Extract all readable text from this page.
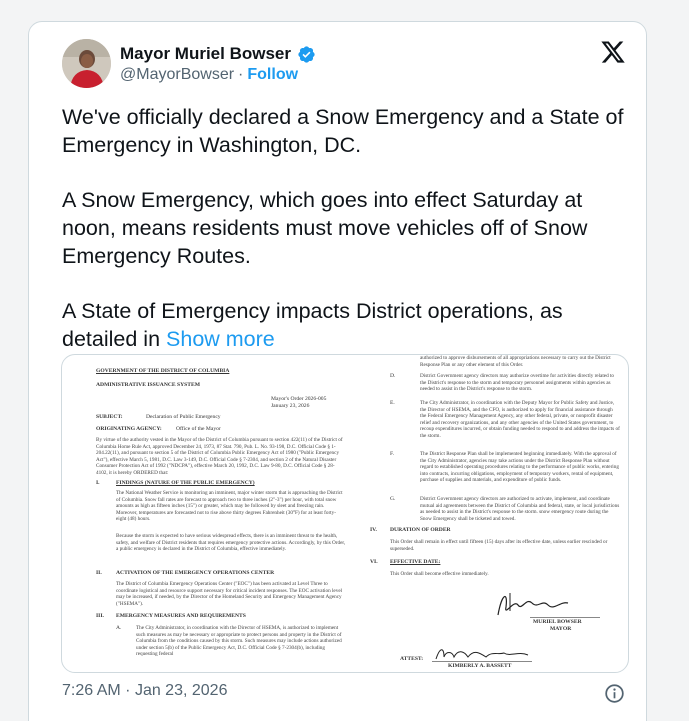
Mayor Muriel Bowser
@MayorBowser · Follow

We've officially declared a Snow Emergency and a State of Emergency in Washington, DC.

A Snow Emergency, which goes into effect Saturday at noon, means residents must move vehicles off of Snow Emergency Routes.

A State of Emergency impacts District operations, as detailed in Show more

GOVERNMENT OF THE DISTRICT OF COLUMBIA
ADMINISTRATIVE ISSUANCE SYSTEM
Mayor's Order 2026-005
January 23, 2026
SUBJECT:	Declaration of Public Emergency
ORIGINATING AGENCY:	Office of the Mayor
By virtue of the authority vested in the Mayor of the District of Columbia pursuant to section 422(11) of the District of Columbia Home Rule Act, approved December 24, 1973, 87 Stat. 790, Pub. L. No. 93-198, D.C. Official Code § 1-204.22(11), and pursuant to section 5 of the District of Columbia Public Emergency Act of 1980 ("Public Emergency Act"), effective March 5, 1981, D.C. Law 3-149, D.C. Official Code § 7-2304, and section 2 of the Natural Disaster Consumer Protection Act of 1992 ("NDCPA"), effective March 20, 1992, D.C. Law 9-80, D.C. Official Code § 28-4102, it is hereby ORDERED that:
I.	FINDINGS (NATURE OF THE PUBLIC EMERGENCY)
The National Weather Service is monitoring an imminent, major winter storm that is approaching the District of Columbia. Snow fall rates are forecast to approach two to three inches (2"-3") per hour, with total snow amounts as high as fifteen inches (15") or greater, which may be followed by sleet and freezing rain. Moreover, temperatures are forecasted not to rise above thirty degrees Fahrenheit (30°F) for at least forty-eight (48) hours.
Because the storm is expected to have serious widespread effects, there is an imminent threat to the health, safety, and welfare of District residents that requires emergency protective actions. Accordingly, by this Order, a public emergency is declared in the District of Columbia, effective immediately.
II.	ACTIVATION OF THE EMERGENCY OPERATIONS CENTER
The District of Columbia Emergency Operations Center ("EOC") has been activated at Level Three to coordinate logistical and resource support necessary for critical incident responses. The EOC activation level may be increased, if needed, by the Director of the Homeland Security and Emergency Management Agency ("HSEMA").
III. EMERGENCY MEASURES AND REQUIREMENTS
A.	The City Administrator, in coordination with the Director of HSEMA, is authorized to implement such measures as may be necessary or appropriate to protect persons and property in the District of Columbia from the conditions caused by this storm. Such measures may include actions authorized under section 5(b) of the Public Emergency Act, D.C. Official Code § 7-2304(b), including requesting federal
authorized to approve disbursements of all appropriations necessary to carry out the District Response Plan or any other element of this Order.
D.	District Government agency directors may authorize overtime for activities directly related to the District's response to the storm and temporary personnel assignments within agencies as needed to assist in the District's response to the storm.
E.	The City Administrator, in coordination with the Deputy Mayor for Public Safety and Justice, the Director of HSEMA, and the CFO, is authorized to apply for financial assistance through the Federal Emergency Management Agency, any other federal, private, or nonprofit disaster relief and recovery organizations, and any other agencies of the United States government, to recoup expenditures incurred, or obtain funding needed to respond to and address the impacts of the storm.
F.	The District Response Plan shall be implemented beginning immediately. With the approval of the City Administrator, agencies may take actions under the District Response Plan without regard to established operating procedures relating to the performance of public works, entering into contracts, incurring obligations, employment of temporary workers, rental of equipment, purchase of supplies and materials, and expenditure of public funds.
G.	District Government agency directors are authorized to activate, implement, and coordinate mutual aid agreements between the District of Columbia and federal, state, or local jurisdictions as needed to assist in the District's response to the storm. snow emergency route during the Snow Emergency shall be ticketed and towed.
IV. DURATION OF ORDER
This Order shall remain in effect until fifteen (15) days after its effective date, unless earlier rescinded or superseded.
VI. EFFECTIVE DATE:
This Order shall become effective immediately.
MURIEL BOWSER
MAYOR
ATTEST:
KIMBERLY A. BASSETT
7:26 AM · Jan 23, 2026
